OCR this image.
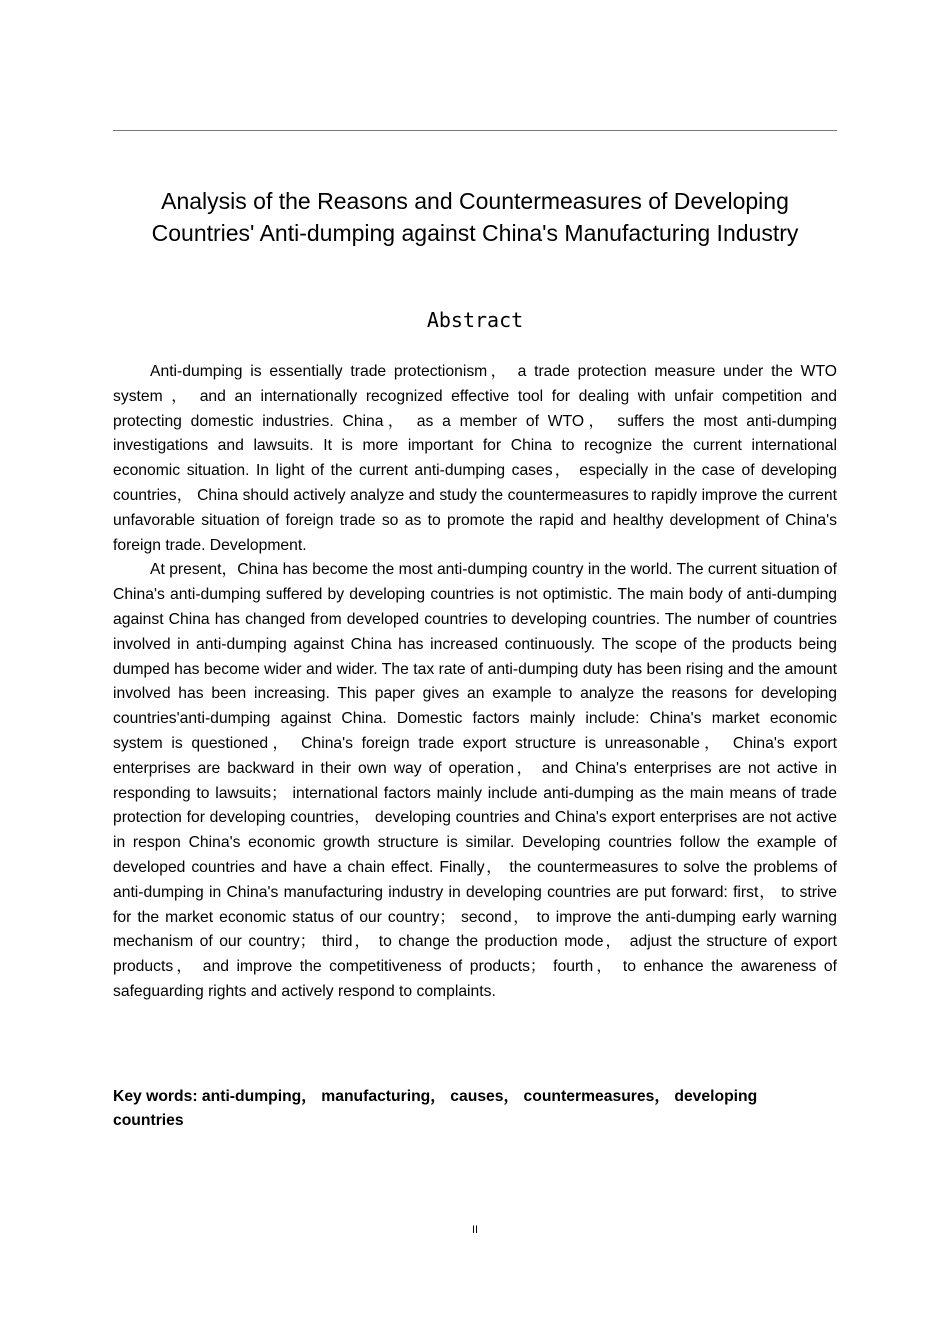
Analysis of the Reasons and Countermeasures of Developing
Countries' Anti-dumping against China's Manufacturing Industry
Abstract

Anti-dumping is essentially trade protectionism， a trade protection measure under the WTO system ， and an internationally recognized effective tool for dealing with unfair competition and protecting domestic industries. China， as a member of WTO， suffers the most anti-dumping investigations and lawsuits. It is more important for China to recognize the current international economic situation. In light of the current anti-dumping cases， especially in the case of developing countries， China should actively analyze and study the countermeasures to rapidly improve the current unfavorable situation of foreign trade so as to promote the rapid and healthy development of China's foreign trade. Development.

At present，China has become the most anti-dumping country in the world. The current situation of China's anti-dumping suffered by developing countries is not optimistic. The main body of anti-dumping against China has changed from developed countries to developing countries. The number of countries involved in anti-dumping against China has increased continuously. The scope of the products being dumped has become wider and wider. The tax rate of anti-dumping duty has been rising and the amount involved has been increasing. This paper gives an example to analyze the reasons for developing countries'anti-dumping against China. Domestic factors mainly include: China's market economic system is questioned， China's foreign trade export structure is unreasonable， China's export enterprises are backward in their own way of operation， and China's enterprises are not active in responding to lawsuits； international factors mainly include anti-dumping as the main means of trade protection for developing countries， developing countries and China's export enterprises are not active in respon China's economic growth structure is similar. Developing countries follow the example of developed countries and have a chain effect. Finally， the countermeasures to solve the problems of anti-dumping in China's manufacturing industry in developing countries are put forward: first， to strive for the market economic status of our country； second， to improve the anti-dumping early warning mechanism of our country； third， to change the production mode， adjust the structure of export products， and improve the competitiveness of products； fourth， to enhance the awareness of safeguarding rights and actively respond to complaints.

Key words: anti-dumping， manufacturing， causes， countermeasures， developing countries

II
